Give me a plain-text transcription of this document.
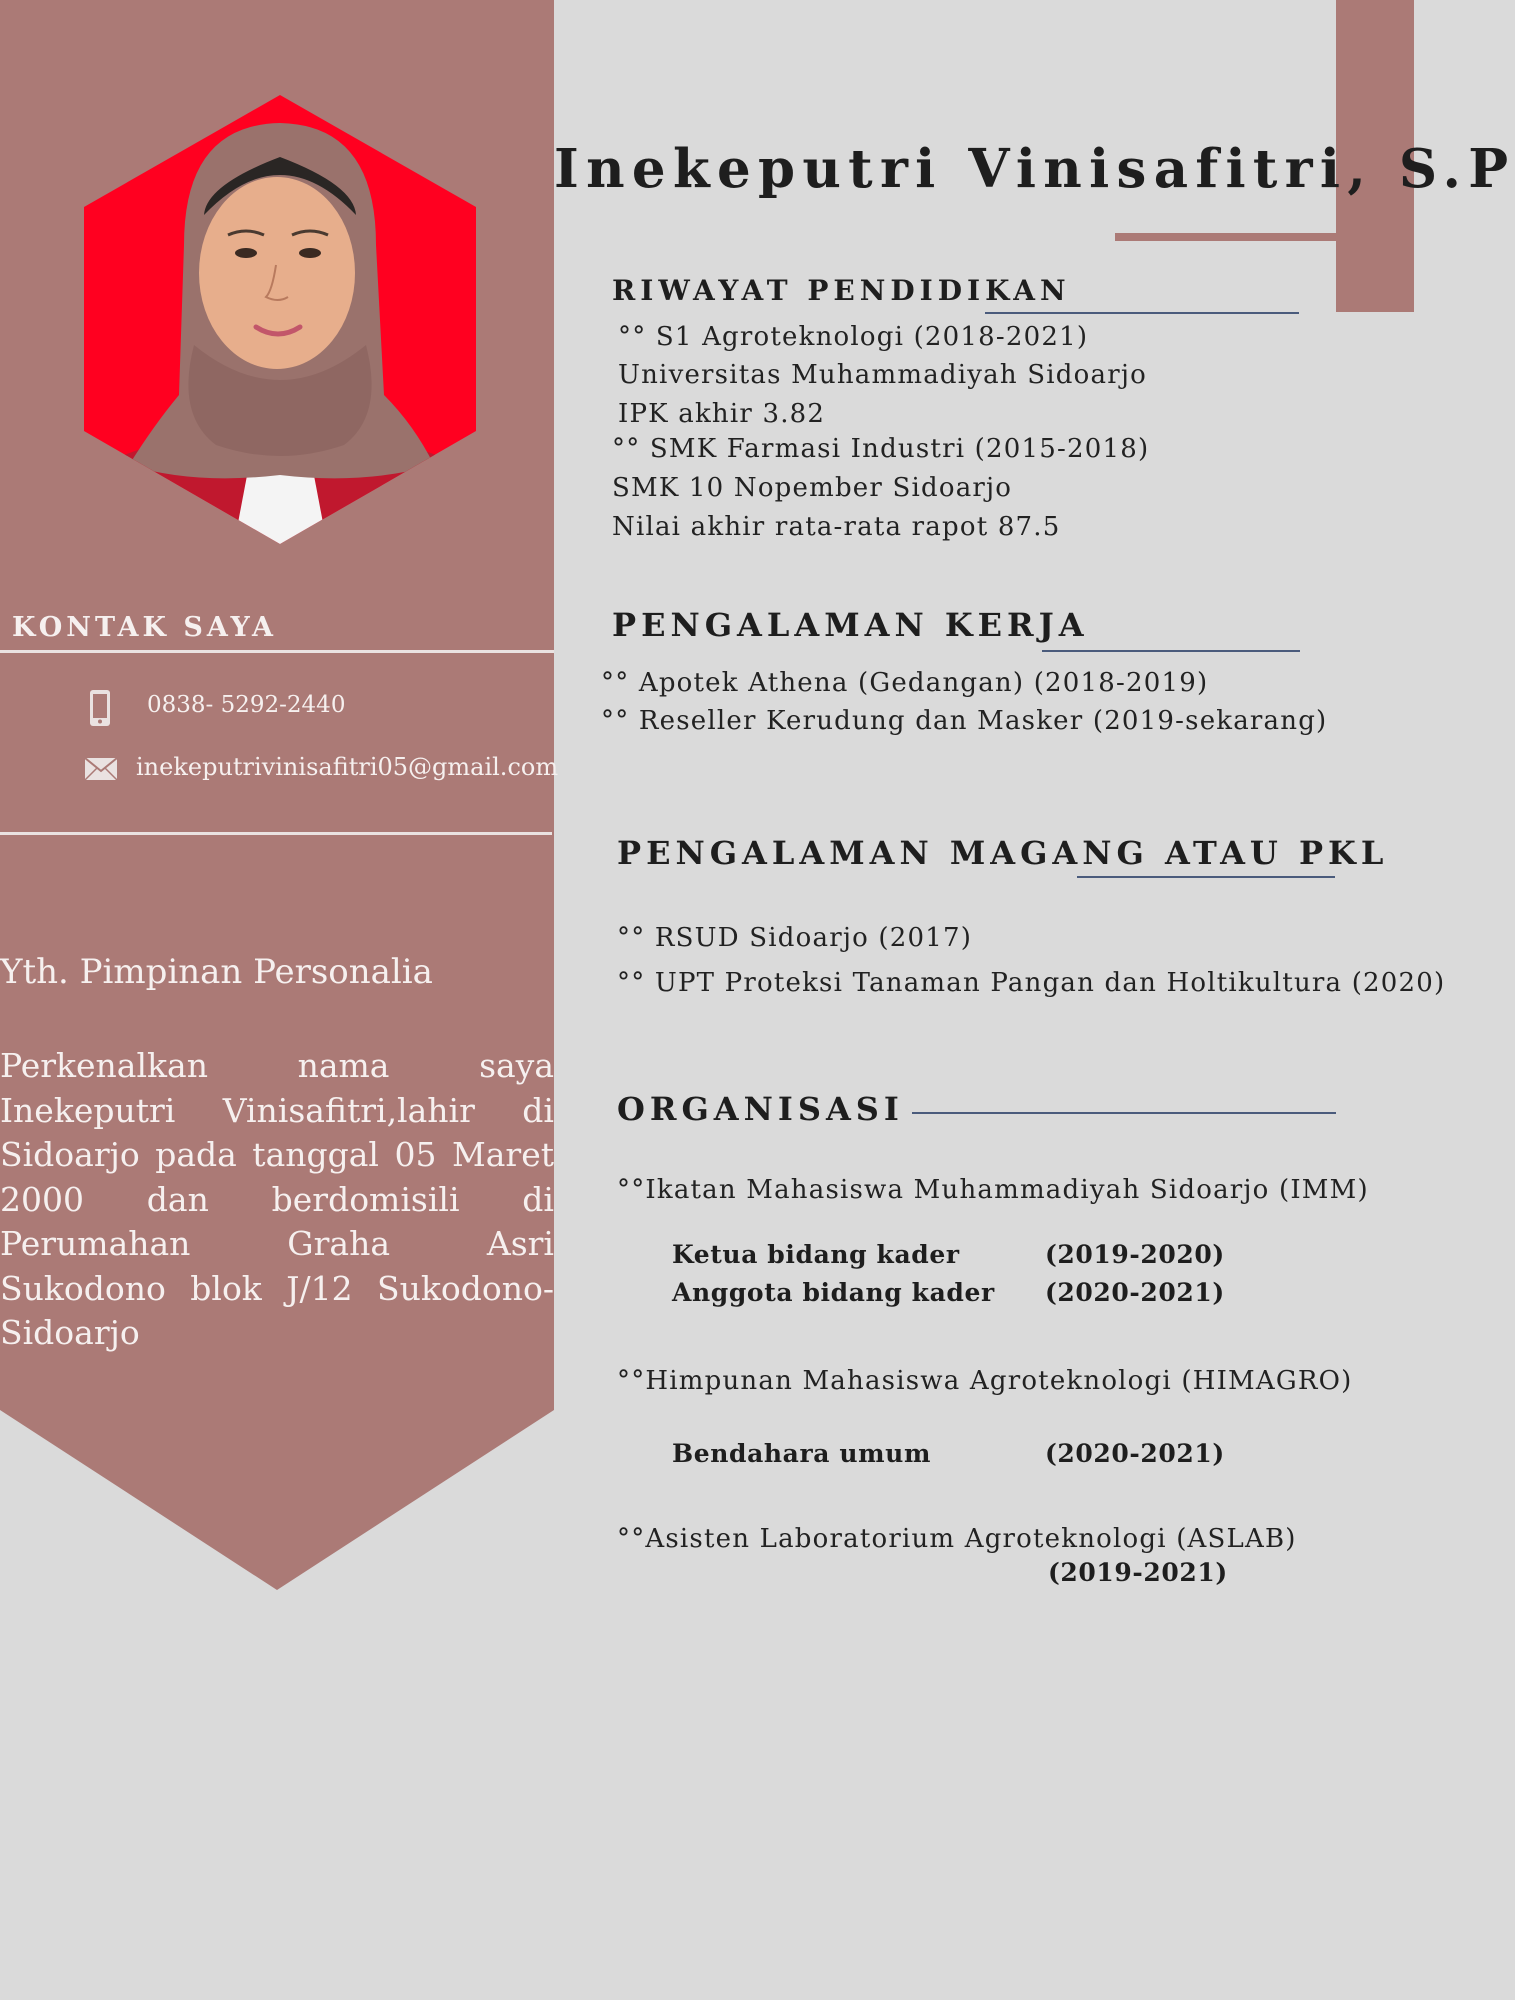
KONTAK SAYA
0838- 5292-2440
inekeputrivinisafitri05@gmail.com
Yth. Pimpinan Personalia
Perkenalkan nama saya Inekeputri Vinisafitri,lahir di Sidoarjo pada tanggal 05 Maret 2000 dan berdomisili di Perumahan Graha Asri Sukodono blok J/12 Sukodono-Sidoarjo
Inekeputri Vinisafitri, S.P
RIWAYAT PENDIDIKAN
°° S1 Agroteknologi (2018-2021)
Universitas Muhammadiyah Sidoarjo
IPK akhir 3.82
°° SMK Farmasi Industri (2015-2018)
SMK 10 Nopember Sidoarjo
Nilai akhir rata-rata rapot 87.5
PENGALAMAN KERJA
°° Apotek Athena (Gedangan) (2018-2019)
°° Reseller Kerudung dan Masker (2019-sekarang)
PENGALAMAN MAGANG ATAU PKL
°° RSUD Sidoarjo (2017)
°° UPT Proteksi Tanaman Pangan dan Holtikultura (2020)
ORGANISASI
°°Ikatan Mahasiswa Muhammadiyah Sidoarjo (IMM)
Ketua bidang kader	(2019-2020)
Anggota bidang kader (2020-2021)
°°Himpunan Mahasiswa Agroteknologi (HIMAGRO)
Bendahara umum	(2020-2021)
°°Asisten Laboratorium Agroteknologi (ASLAB)
(2019-2021)
